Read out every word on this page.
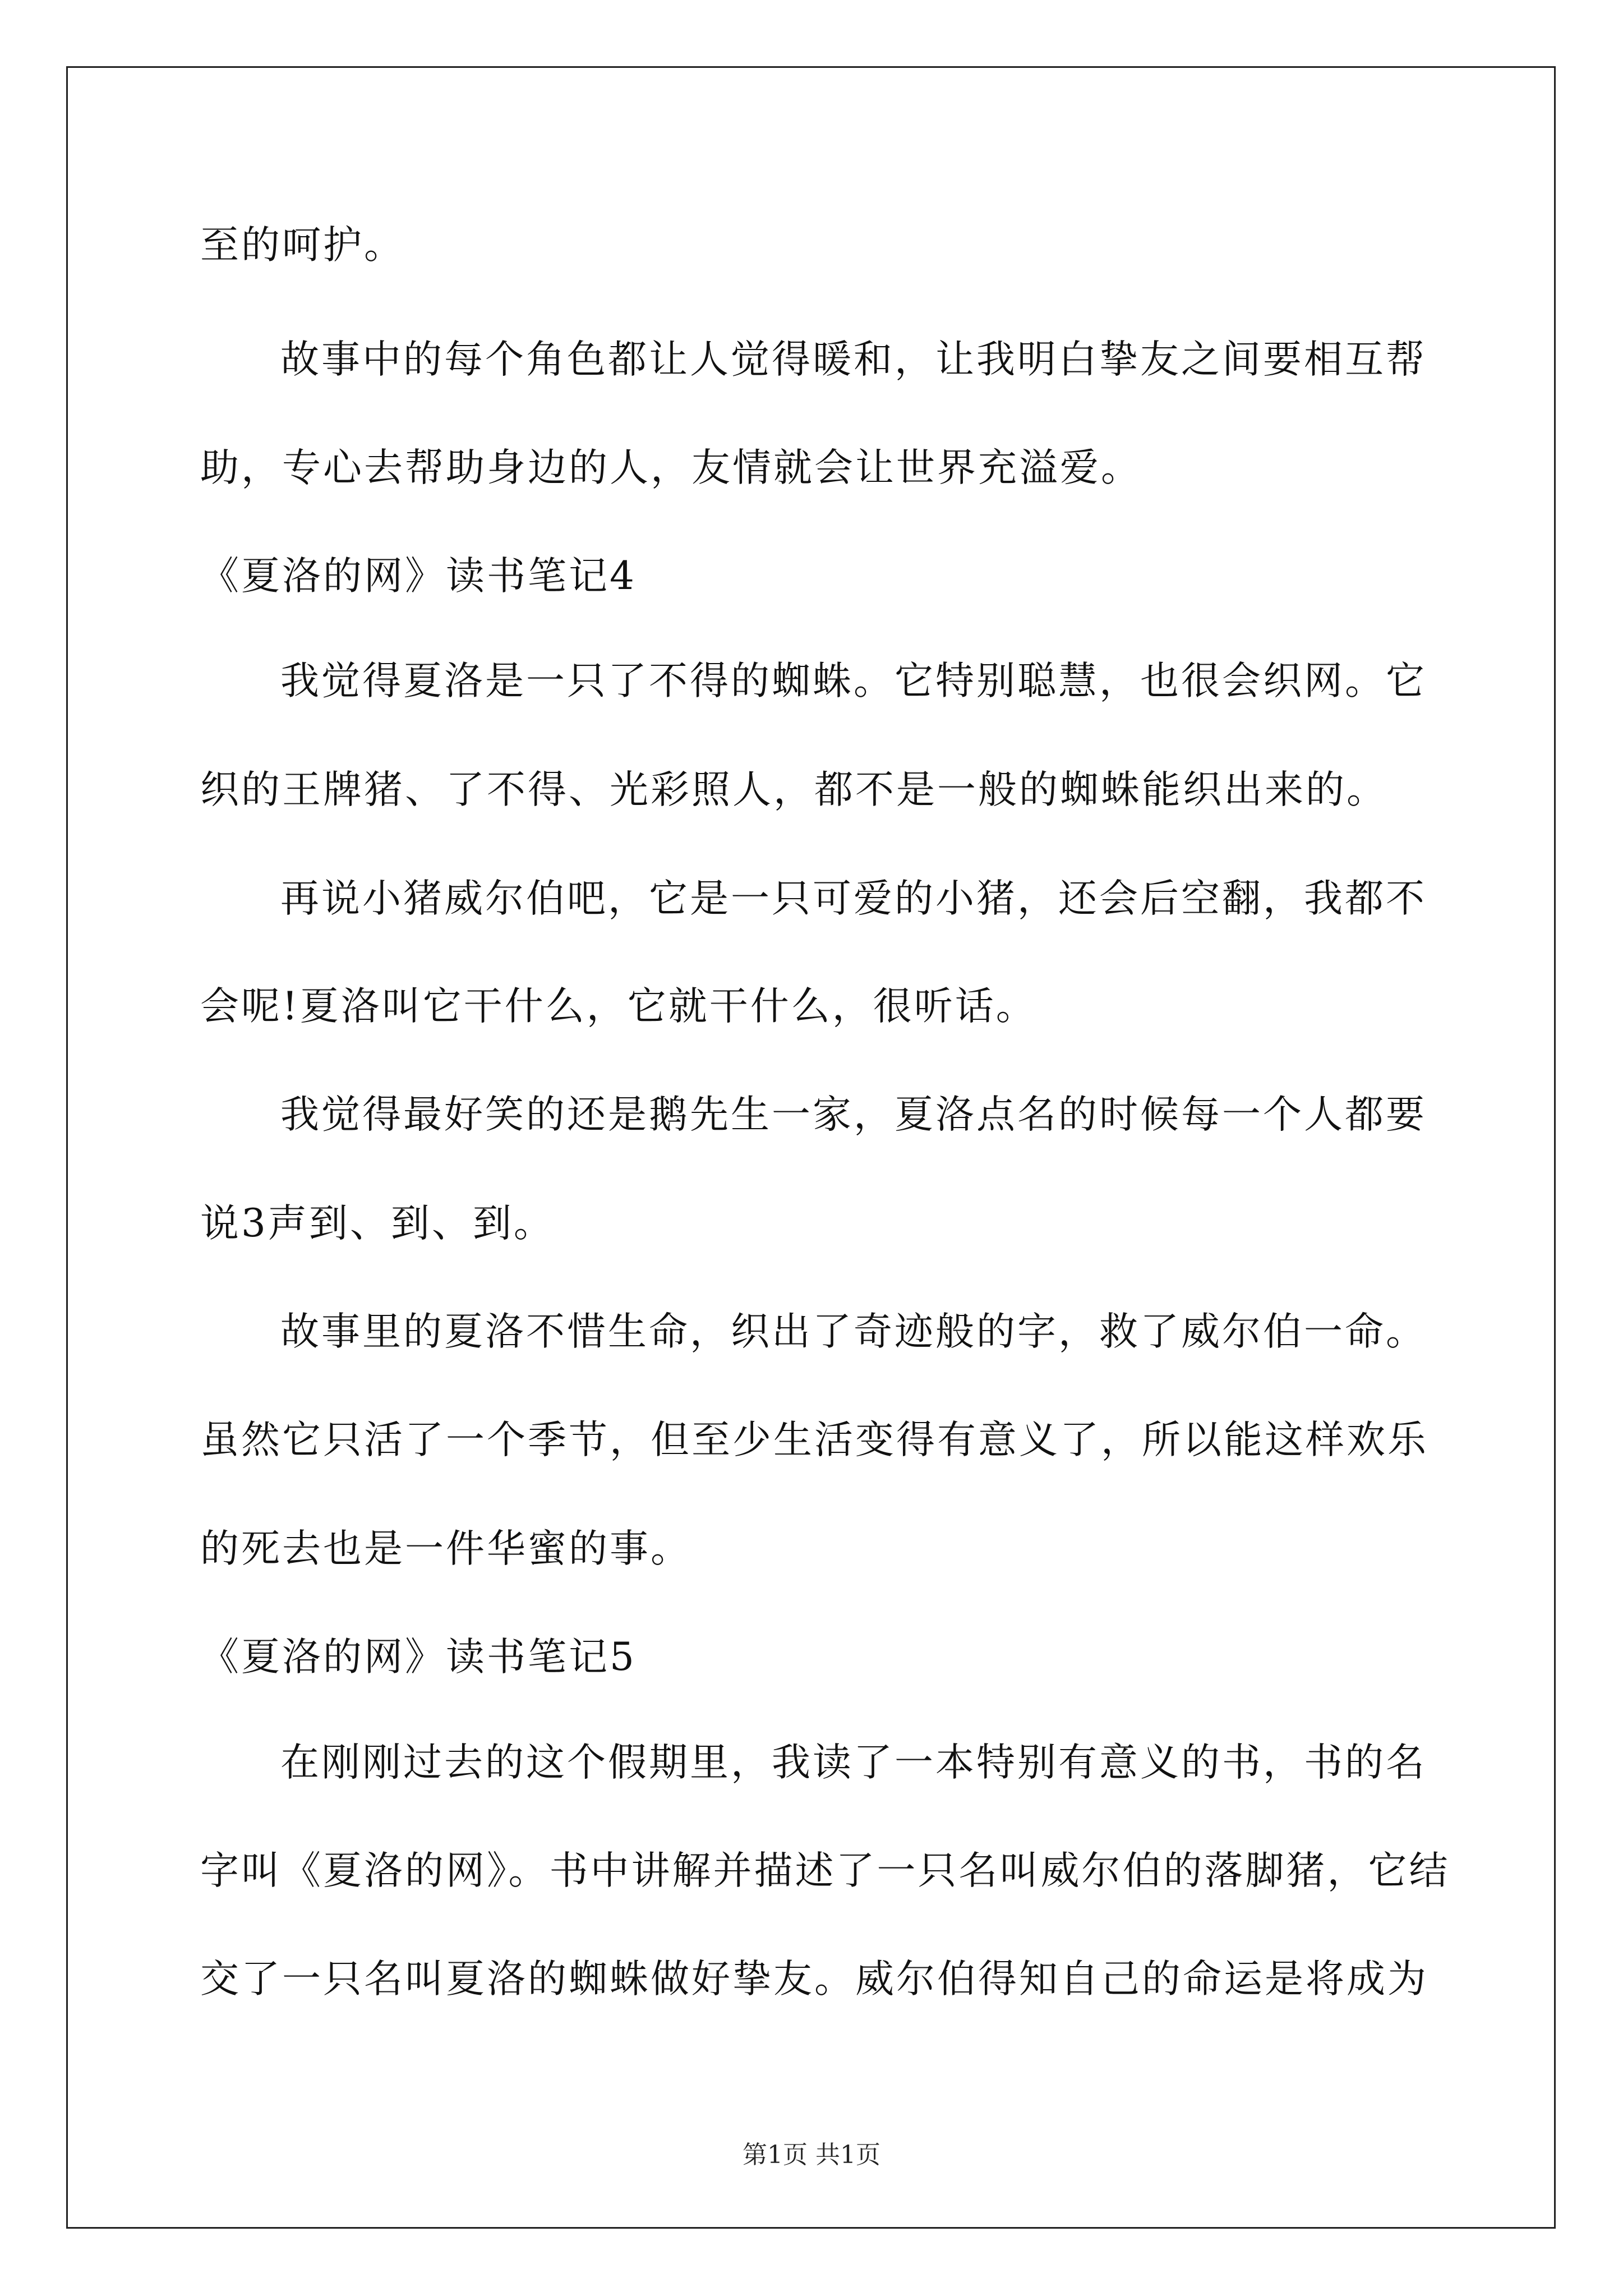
至的呵护。
故事中的每个角色都让人觉得暖和，让我明白挚友之间要相互帮
助，专心去帮助身边的人，友情就会让世界充溢爱。
《夏洛的网》读书笔记4
我觉得夏洛是一只了不得的蜘蛛。它特别聪慧，也很会织网。它
织的王牌猪、了不得、光彩照人，都不是一般的蜘蛛能织出来的。
再说小猪威尔伯吧，它是一只可爱的小猪，还会后空翻，我都不
会呢!夏洛叫它干什么，它就干什么，很听话。
我觉得最好笑的还是鹅先生一家，夏洛点名的时候每一个人都要
说3声到、到、到。
故事里的夏洛不惜生命，织出了奇迹般的字，救了威尔伯一命。
虽然它只活了一个季节，但至少生活变得有意义了，所以能这样欢乐
的死去也是一件华蜜的事。
《夏洛的网》读书笔记5
在刚刚过去的这个假期里，我读了一本特别有意义的书，书的名
字叫《夏洛的网》。书中讲解并描述了一只名叫威尔伯的落脚猪，它结
交了一只名叫夏洛的蜘蛛做好挚友。威尔伯得知自己的命运是将成为
第1页 共1页
